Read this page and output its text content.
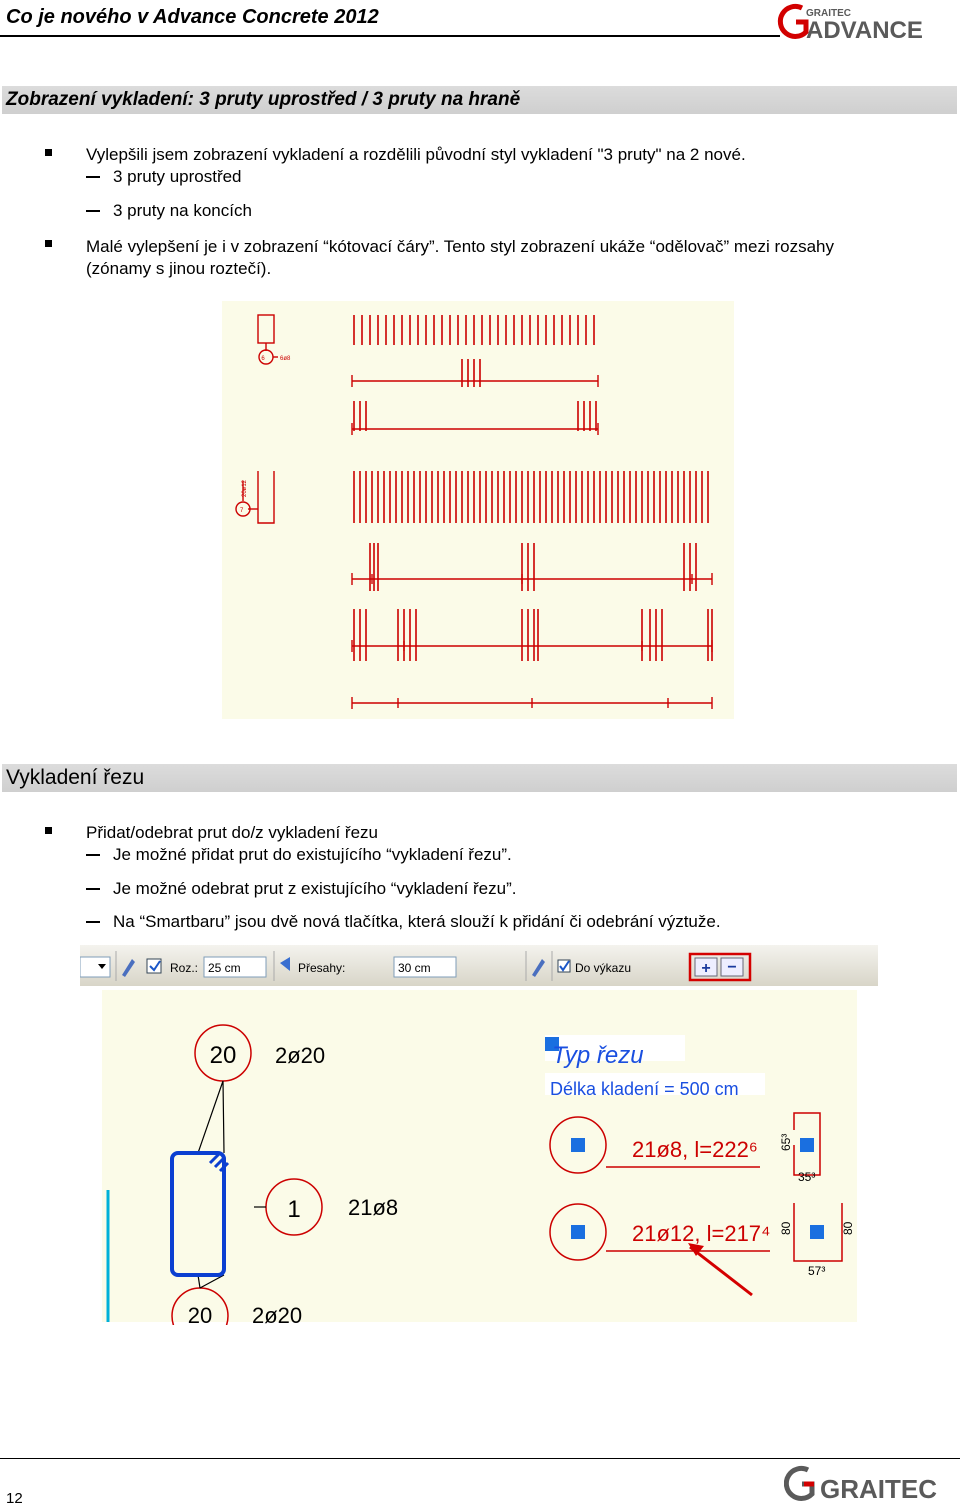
Co je nového v Advance Concrete 2012	GRAITEC
ADVANCE
Zobrazení vykladení: 3 pruty uprostřed / 3 pruty na hraně
Vylepšili jsem zobrazení vykladení a rozdělili původní styl vykladení "3 pruty" na 2 nové.
3 pruty uprostřed
3 pruty na koncích
Malé vylepšení je i v zobrazení “kótovací čáry”. Tento styl zobrazení ukáže “odělovač” mezi rozsahy
(zónamy s jinou roztečí).
6	6ø8
7
20ø12
Vykladení řezu
Přidat/odebrat prut do/z vykladení řezu
Je možné přidat prut do existujícího “vykladení řezu”.
Je možné odebrat prut z existujícího “vykladení řezu”.
Na “Smartbaru” jsou dvě nová tlačítka, která slouží k přidání či odebrání výztuže.
Roz.: 25 cm	Přesahy:	30 cm	Do výkazu	+ −
20 2ø20
1 21ø8
20 2ø20
Typ řezu
Délka kladení = 500 cm
21ø8, l=222⁶
21ø12, l=217⁴
65³
35³
80	80
57³
12	GRAITEC
